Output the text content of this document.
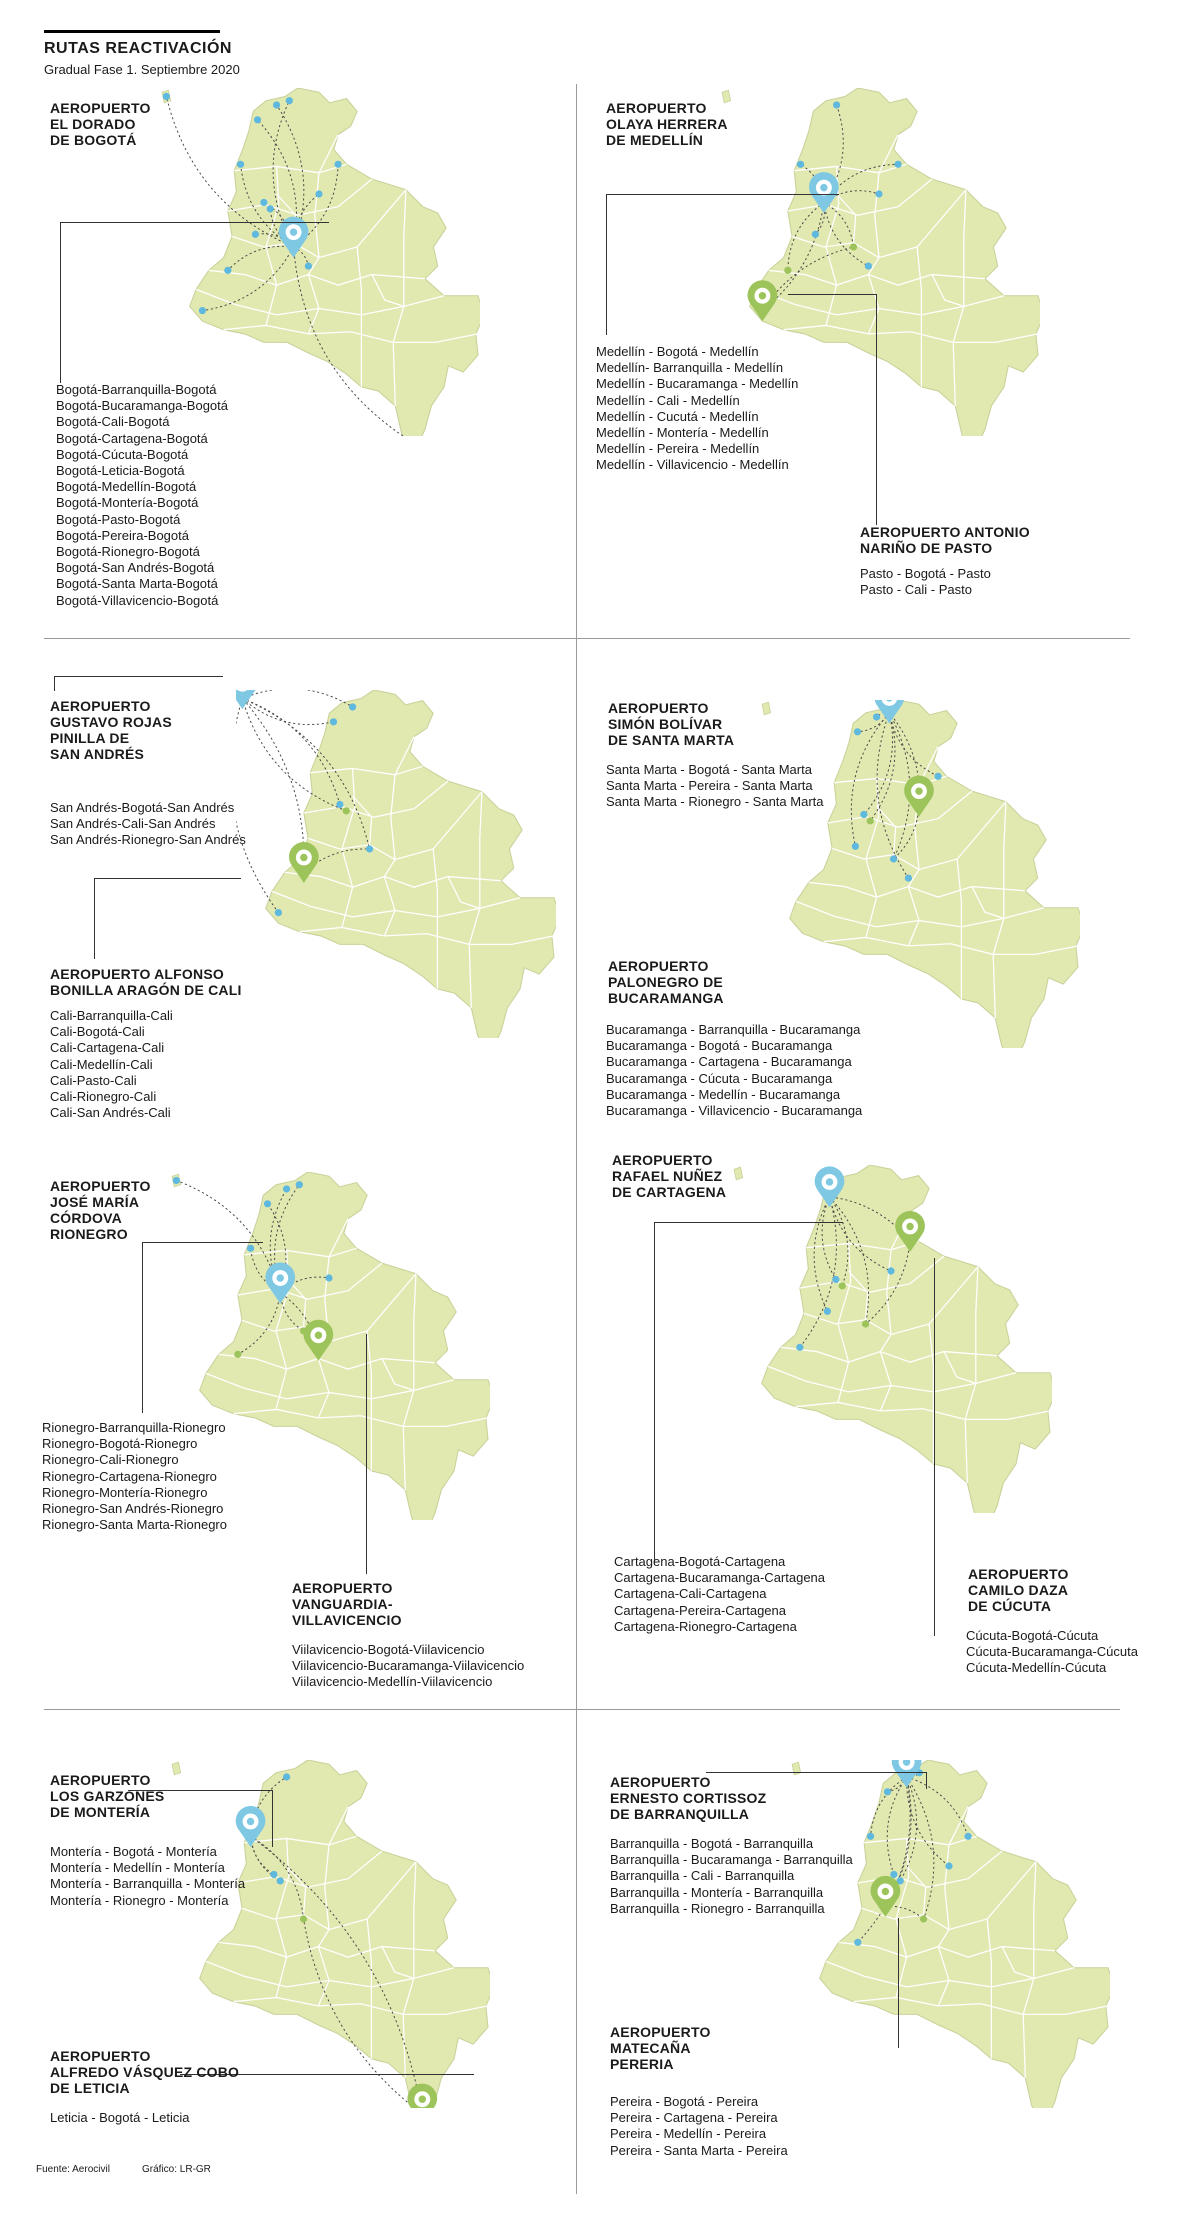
RUTAS REACTIVACIÓN

Gradual Fase 1. Septiembre 2020

AEROPUERTO
EL DORADO
DE BOGOTÁ
Bogotá-Barranquilla-Bogotá
Bogotá-Bucaramanga-Bogotá
Bogotá-Cali-Bogotá
Bogotá-Cartagena-Bogotá
Bogotá-Cúcuta-Bogotá
Bogotá-Leticia-Bogotá
Bogotá-Medellín-Bogotá
Bogotá-Montería-Bogotá
Bogotá-Pasto-Bogotá
Bogotá-Pereira-Bogotá
Bogotá-Rionegro-Bogotá
Bogotá-San Andrés-Bogotá
Bogotá-Santa Marta-Bogotá
Bogotá-Villavicencio-Bogotá
AEROPUERTO
OLAYA HERRERA
DE MEDELLÍN
Medellín - Bogotá - Medellín
Medellín- Barranquilla - Medellín
Medellín - Bucaramanga - Medellín
Medellín - Cali - Medellín
Medellín - Cucutá - Medellín
Medellín - Montería - Medellín
Medellín - Pereira - Medellín
Medellín - Villavicencio - Medellín
AEROPUERTO ANTONIO
NARIÑO DE PASTO
Pasto - Bogotá - Pasto
Pasto - Cali - Pasto
AEROPUERTO
GUSTAVO ROJAS
PINILLA DE
SAN ANDRÉS
San Andrés-Bogotá-San Andrés
San Andrés-Cali-San Andrés
San Andrés-Rionegro-San Andrés
AEROPUERTO ALFONSO
BONILLA ARAGÓN DE CALI
Cali-Barranquilla-Cali
Cali-Bogotá-Cali
Cali-Cartagena-Cali
Cali-Medellín-Cali
Cali-Pasto-Cali
Cali-Rionegro-Cali
Cali-San Andrés-Cali
AEROPUERTO
SIMÓN BOLÍVAR
DE SANTA MARTA
Santa Marta - Bogotá - Santa Marta
Santa Marta - Pereira - Santa Marta
Santa Marta - Rionegro - Santa Marta
AEROPUERTO
PALONEGRO DE
BUCARAMANGA
Bucaramanga - Barranquilla - Bucaramanga
Bucaramanga - Bogotá - Bucaramanga
Bucaramanga - Cartagena - Bucaramanga
Bucaramanga - Cúcuta - Bucaramanga
Bucaramanga - Medellín - Bucaramanga
Bucaramanga - Villavicencio - Bucaramanga
AEROPUERTO
JOSÉ MARÍA
CÓRDOVA
RIONEGRO
Rionegro-Barranquilla-Rionegro
Rionegro-Bogotá-Rionegro
Rionegro-Cali-Rionegro
Rionegro-Cartagena-Rionegro
Rionegro-Montería-Rionegro
Rionegro-San Andrés-Rionegro
Rionegro-Santa Marta-Rionegro
AEROPUERTO
VANGUARDIA-
VILLAVICENCIO
Viilavicencio-Bogotá-Viilavicencio
Viilavicencio-Bucaramanga-Viilavicencio
Viilavicencio-Medellín-Viilavicencio
AEROPUERTO
RAFAEL NUÑEZ
DE CARTAGENA
Cartagena-Bogotá-Cartagena
Cartagena-Bucaramanga-Cartagena
Cartagena-Cali-Cartagena
Cartagena-Pereira-Cartagena
Cartagena-Rionegro-Cartagena
AEROPUERTO
CAMILO DAZA
DE CÚCUTA
Cúcuta-Bogotá-Cúcuta
Cúcuta-Bucaramanga-Cúcuta
Cúcuta-Medellín-Cúcuta
AEROPUERTO
LOS GARZONES
DE MONTERÍA
Montería - Bogotá - Montería
Montería - Medellín - Montería
Montería - Barranquilla - Montería
Montería - Rionegro - Montería
AEROPUERTO
ALFREDO VÁSQUEZ COBO
DE LETICIA
Leticia - Bogotá - Leticia
AEROPUERTO
ERNESTO CORTISSOZ
DE BARRANQUILLA
Barranquilla - Bogotá - Barranquilla
Barranquilla - Bucaramanga - Barranquilla
Barranquilla - Cali - Barranquilla
Barranquilla - Montería - Barranquilla
Barranquilla - Rionegro - Barranquilla
AEROPUERTO
MATECAÑA
PERERIA
Pereira - Bogotá - Pereira
Pereira - Cartagena - Pereira
Pereira - Medellín - Pereira
Pereira - Santa Marta - Pereira
Fuente: Aerocivil	Gráfico: LR-GR
